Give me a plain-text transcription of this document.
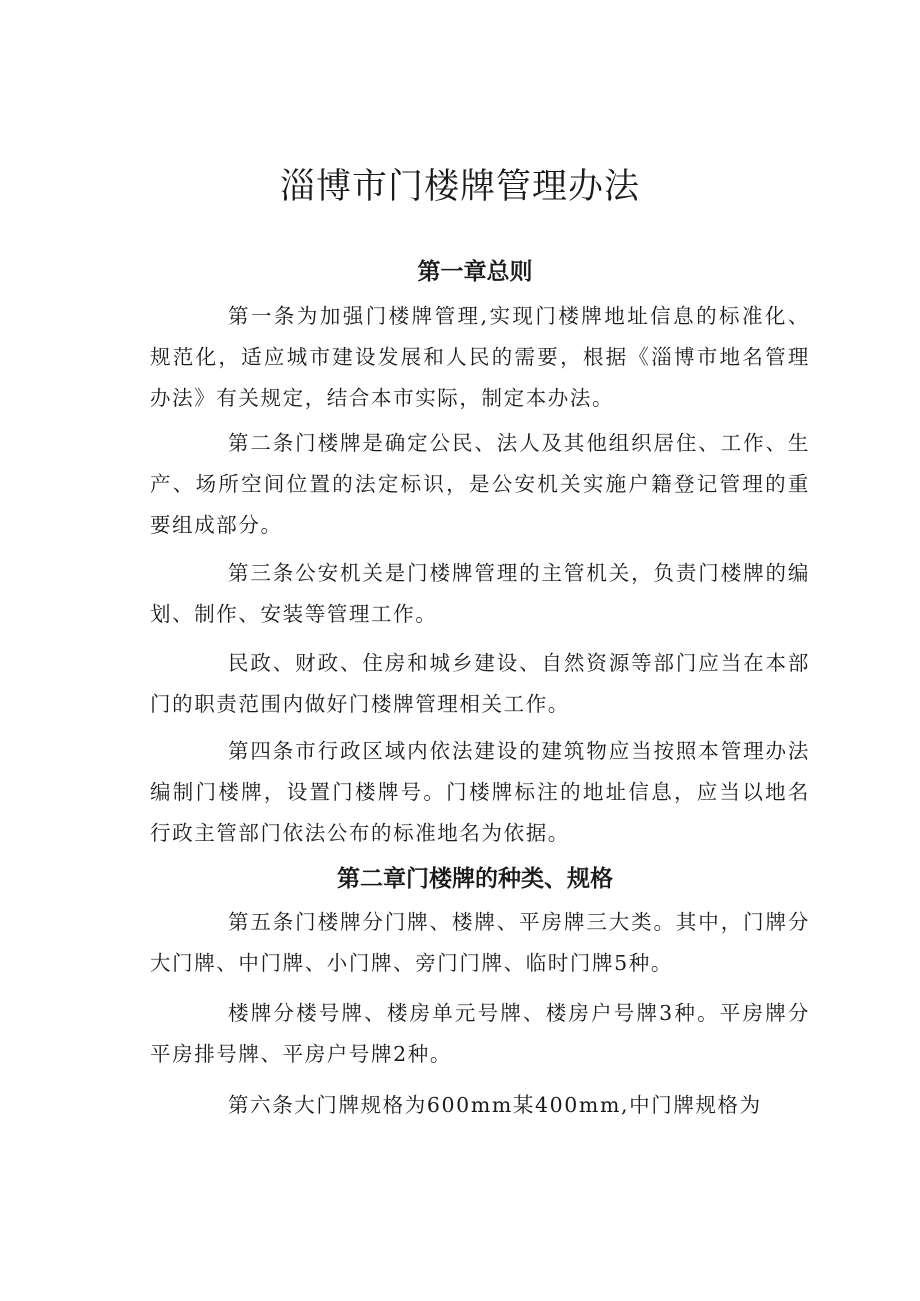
淄博市门楼牌管理办法
第一章总则

第一条为加强门楼牌管理,实现门楼牌地址信息的标准化、规范化，适应城市建设发展和人民的需要，根据《淄博市地名管理办法》有关规定，结合本市实际，制定本办法。

第二条门楼牌是确定公民、法人及其他组织居住、工作、生产、场所空间位置的法定标识，是公安机关实施户籍登记管理的重要组成部分。

第三条公安机关是门楼牌管理的主管机关，负责门楼牌的编划、制作、安装等管理工作。

民政、财政、住房和城乡建设、自然资源等部门应当在本部门的职责范围内做好门楼牌管理相关工作。

第四条市行政区域内依法建设的建筑物应当按照本管理办法编制门楼牌，设置门楼牌号。门楼牌标注的地址信息，应当以地名行政主管部门依法公布的标准地名为依据。

第二章门楼牌的种类、规格

第五条门楼牌分门牌、楼牌、平房牌三大类。其中，门牌分大门牌、中门牌、小门牌、旁门门牌、临时门牌5种。

楼牌分楼号牌、楼房单元号牌、楼房户号牌3种。平房牌分平房排号牌、平房户号牌2种。

第六条大门牌规格为600mm某400mm,中门牌规格为
